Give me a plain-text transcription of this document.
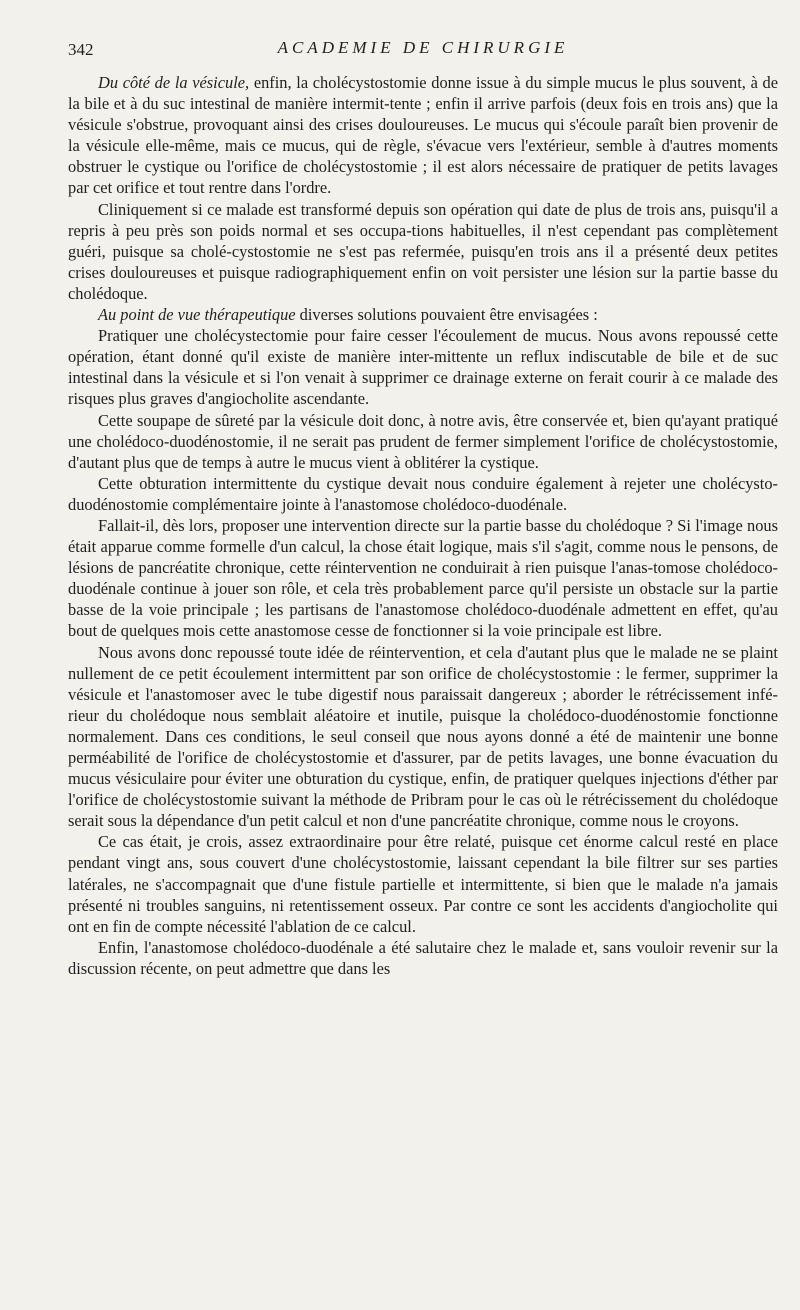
342	ACADEMIE DE CHIRURGIE

Du côté de la vésicule, enfin, la cholécystostomie donne issue à du simple mucus le plus souvent, à de la bile et à du suc intestinal de manière intermit-tente ; enfin il arrive parfois (deux fois en trois ans) que la vésicule s'obstrue, provoquant ainsi des crises douloureuses. Le mucus qui s'écoule paraît bien provenir de la vésicule elle-même, mais ce mucus, qui de règle, s'évacue vers l'extérieur, semble à d'autres moments obstruer le cystique ou l'orifice de cholécystostomie ; il est alors nécessaire de pratiquer de petits lavages par cet orifice et tout rentre dans l'ordre.

Cliniquement si ce malade est transformé depuis son opération qui date de plus de trois ans, puisqu'il a repris à peu près son poids normal et ses occupa-tions habituelles, il n'est cependant pas complètement guéri, puisque sa cholé-cystostomie ne s'est pas refermée, puisqu'en trois ans il a présenté deux petites crises douloureuses et puisque radiographiquement enfin on voit persister une lésion sur la partie basse du cholédoque.

Au point de vue thérapeutique diverses solutions pouvaient être envisagées :

Pratiquer une cholécystectomie pour faire cesser l'écoulement de mucus. Nous avons repoussé cette opération, étant donné qu'il existe de manière inter-mittente un reflux indiscutable de bile et de suc intestinal dans la vésicule et si l'on venait à supprimer ce drainage externe on ferait courir à ce malade des risques plus graves d'angiocholite ascendante.

Cette soupape de sûreté par la vésicule doit donc, à notre avis, être conservée et, bien qu'ayant pratiqué une cholédoco-duodénostomie, il ne serait pas prudent de fermer simplement l'orifice de cholécystostomie, d'autant plus que de temps à autre le mucus vient à oblitérer la cystique.

Cette obturation intermittente du cystique devait nous conduire également à rejeter une cholécysto-duodénostomie complémentaire jointe à l'anastomose cholédoco-duodénale.

Fallait-il, dès lors, proposer une intervention directe sur la partie basse du cholédoque ? Si l'image nous était apparue comme formelle d'un calcul, la chose était logique, mais s'il s'agit, comme nous le pensons, de lésions de pancréatite chronique, cette réintervention ne conduirait à rien puisque l'anas-tomose cholédoco-duodénale continue à jouer son rôle, et cela très probablement parce qu'il persiste un obstacle sur la partie basse de la voie principale ; les partisans de l'anastomose cholédoco-duodénale admettent en effet, qu'au bout de quelques mois cette anastomose cesse de fonctionner si la voie principale est libre.

Nous avons donc repoussé toute idée de réintervention, et cela d'autant plus que le malade ne se plaint nullement de ce petit écoulement intermittent par son orifice de cholécystostomie : le fermer, supprimer la vésicule et l'anastomoser avec le tube digestif nous paraissait dangereux ; aborder le rétrécissement infé-rieur du cholédoque nous semblait aléatoire et inutile, puisque la cholédoco-duodénostomie fonctionne normalement. Dans ces conditions, le seul conseil que nous ayons donné a été de maintenir une bonne perméabilité de l'orifice de cholécystostomie et d'assurer, par de petits lavages, une bonne évacuation du mucus vésiculaire pour éviter une obturation du cystique, enfin, de pratiquer quelques injections d'éther par l'orifice de cholécystostomie suivant la méthode de Pribram pour le cas où le rétrécissement du cholédoque serait sous la dépendance d'un petit calcul et non d'une pancréatite chronique, comme nous le croyons.

Ce cas était, je crois, assez extraordinaire pour être relaté, puisque cet énorme calcul resté en place pendant vingt ans, sous couvert d'une cholécystostomie, laissant cependant la bile filtrer sur ses parties latérales, ne s'accompagnait que d'une fistule partielle et intermittente, si bien que le malade n'a jamais présenté ni troubles sanguins, ni retentissement osseux. Par contre ce sont les accidents d'angiocholite qui ont en fin de compte nécessité l'ablation de ce calcul.

Enfin, l'anastomose cholédoco-duodénale a été salutaire chez le malade et, sans vouloir revenir sur la discussion récente, on peut admettre que dans les
